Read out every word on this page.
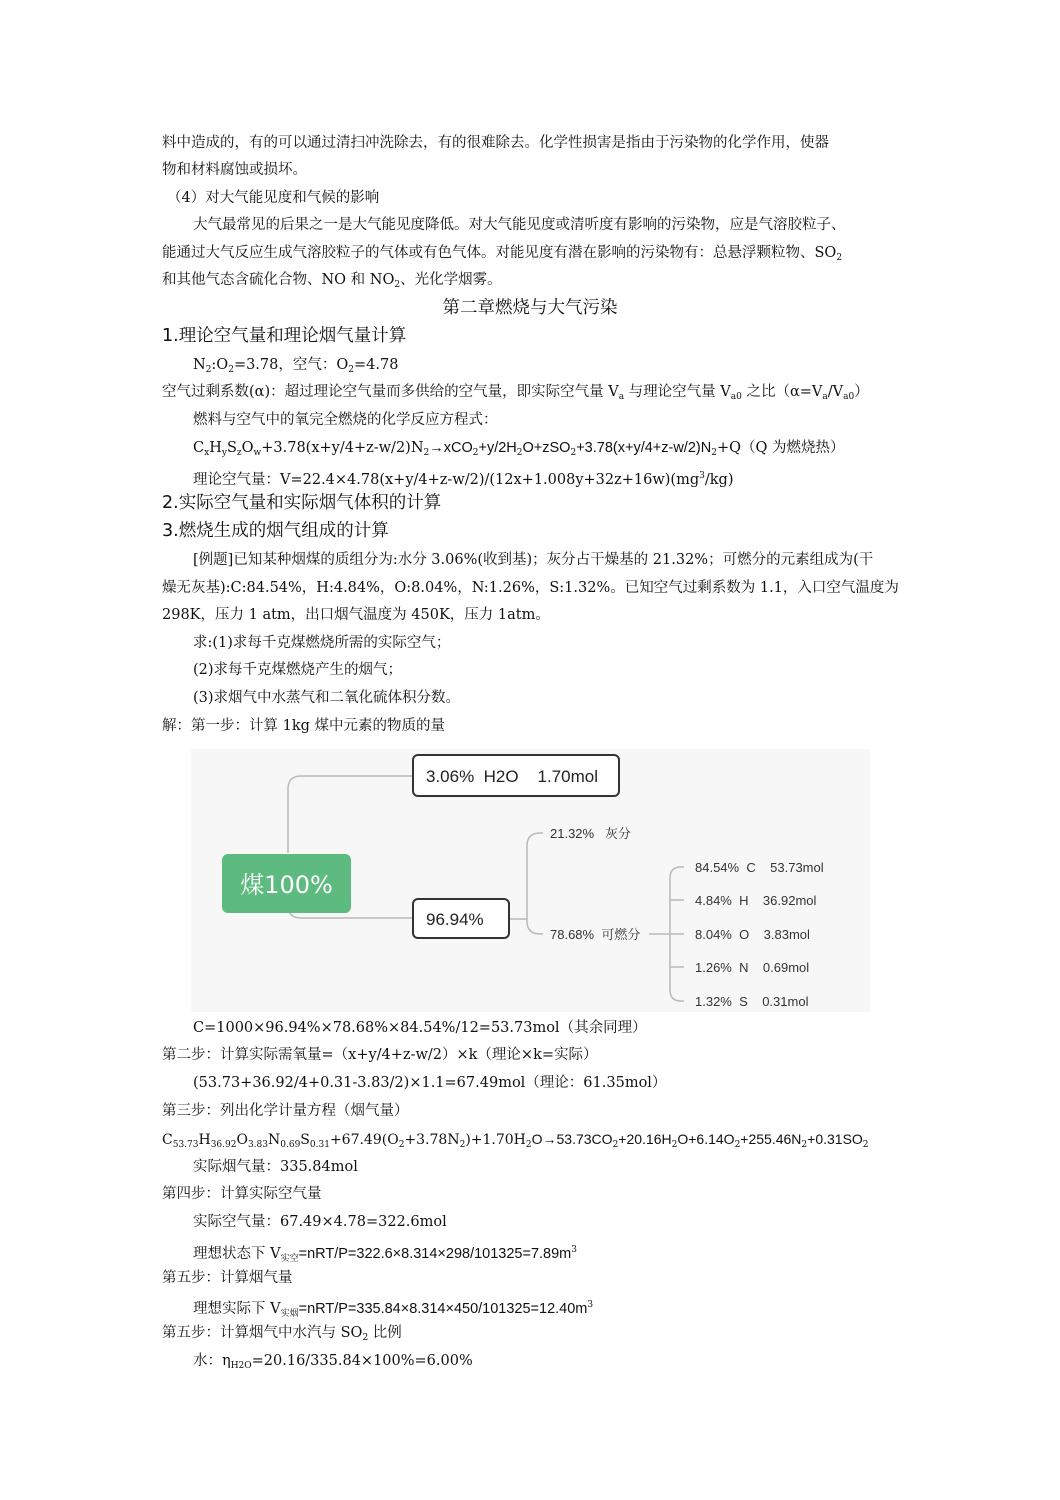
料中造成的，有的可以通过清扫冲洗除去，有的很难除去。化学性损害是指由于污染物的化学作用，使器
物和材料腐蚀或损坏。
（4）对大气能见度和气候的影响
大气最常见的后果之一是大气能见度降低。对大气能见度或清听度有影响的污染物，应是气溶胶粒子、
能通过大气反应生成气溶胶粒子的气体或有色气体。对能见度有潜在影响的污染物有：总悬浮颗粒物、$SO_2$
和其他气态含硫化合物、NO 和 $NO_2$、光化学烟雾。
第二章燃烧与大气污染
1.理论空气量和理论烟气量计算
$N_2:O_2=3.78$，空气：$O_2=4.78$
空气过剩系数(α)：超过理论空气量而多供给的空气量，即实际空气量 $V_a$ 与理论空气量 $V_{a0}$ 之比$(\alpha=V_a/V_{a0})$
燃料与空气中的氧完全燃烧的化学反应方程式：
$C_xH_yS_zO_w+3.78(x+y/4+z-w/2)N_2\to xCO_2+y/2H_2O+zSO_2+3.78(x+y/4+z-w/2)N_2+Q(Q$ 为燃烧热）
理论空气量：$V=22.4\times 4.78(x+y/4+z-w/2)/(12x+1.008y+32z+16w)(mg^3/kg)$
2.实际空气量和实际烟气体积的计算
3.燃烧生成的烟气组成的计算
[例题]已知某种烟煤的质组分为:水分 3.06%(收到基)；灰分占干燥基的 21.32%；可燃分的元素组成为(干
燥无灰基):C:84.54%，H:4.84%，O:8.04%，N:1.26%，S:1.32%。已知空气过剩系数为 1.1，入口空气温度为
298K，压力 1 atm，出口烟气温度为 450K，压力 1atm。
求:(1)求每千克煤燃烧所需的实际空气；
(2)求每千克煤燃烧产生的烟气；
(3)求烟气中水蒸气和二氧化硫体积分数。
解：第一步：计算 1kg 煤中元素的物质的量
煤100%
3.06%  H2O    1.70mol
96.94%
21.32%   灰分
78.68%  可燃分
84.54%  C    53.73mol
4.84%  H    36.92mol
8.04%  O    3.83mol
1.26%  N    0.69mol
1.32%  S    0.31mol
C=1000×96.94%×78.68%×84.54%/12=53.73mol（其余同理）
第二步：计算实际需氧量=（x+y/4+z-w/2）×k（理论×k=实际）
(53.73+36.92/4+0.31-3.83/2)×1.1=67.49mol（理论：61.35mol）
第三步：列出化学计量方程（烟气量）
$C_{53.73}H_{36.92}O_{3.83}N_{0.69}S_{0.31}+67.49(O_2+3.78N_2)+1.70H_2O\to 53.73CO_2+20.16H_2O+6.14O_2+255.46N_2+0.31SO_2$
实际烟气量：335.84mol
第四步：计算实际空气量
实际空气量：67.49×4.78=322.6mol
理想状态下 $V_{实空}=nRT/P=322.6\times 8.314\times 298/101325=7.89m^3$
第五步：计算烟气量
理想实际下 $V_{实烟}=nRT/P=335.84\times 8.314\times 450/101325=12.40m^3$
第五步：计算烟气中水汽与 $SO_2$ 比例
水：$\eta_{H2O}=20.16/335.84\times 100\%=6.00\%$
